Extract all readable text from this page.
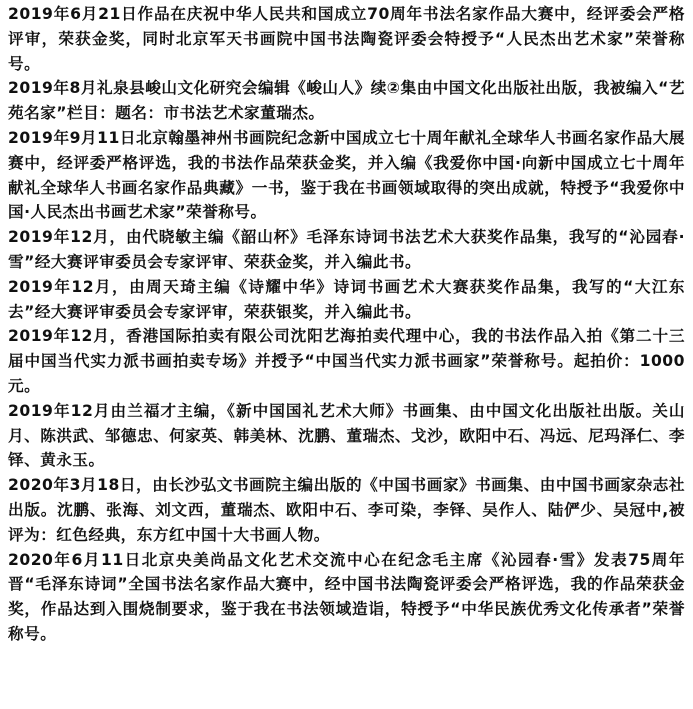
2019年6月21日作品在庆祝中华人民共和国成立70周年书法名家作品大赛中，经评委会严格评审，荣获金奖，同时北京军天书画院中国书法陶瓷评委会特授予“人民杰出艺术家”荣誉称号。

2019年8月礼泉县峻山文化研究会编辑《峻山人》续②集由中国文化出版社出版，我被编入“艺苑名家”栏目：题名：市书法艺术家董瑞杰。

2019年9月11日北京翰墨神州书画院纪念新中国成立七十周年献礼全球华人书画名家作品大展赛中，经评委严格评选，我的书法作品荣获金奖，并入编《我爱你中国·向新中国成立七十周年献礼全球华人书画名家作品典藏》一书，鉴于我在书画领域取得的突出成就，特授予“我爱你中国·人民杰出书画艺术家”荣誉称号。

2019年12月，由代晓敏主编《韶山杯》毛泽东诗词书法艺术大获奖作品集，我写的“沁园春·雪”经大赛评审委员会专家评审、荣获金奖，并入编此书。

2019年12月，由周天琦主编《诗耀中华》诗词书画艺术大赛获奖作品集，我写的“大江东去”经大赛评审委员会专家评审，荣获银奖，并入编此书。

2019年12月，香港国际拍卖有限公司沈阳艺海拍卖代理中心，我的书法作品入拍《第二十三届中国当代实力派书画拍卖专场》并授予“中国当代实力派书画家”荣誉称号。起拍价：1000元。

2019年12月由兰福才主编，《新中国国礼艺术大师》书画集、由中国文化出版社出版。关山月、陈洪武、邹德忠、何家英、韩美林、沈鹏、董瑞杰、戈沙，欧阳中石、冯远、尼玛泽仁、李铎、黄永玉。

2020年3月18日，由长沙弘文书画院主编出版的《中国书画家》书画集、由中国书画家杂志社出版。沈鹏、张海、刘文西，董瑞杰、欧阳中石、李可染，李铎、吴作人、陆俨少、吴冠中,被评为：红色经典，东方红中国十大书画人物。

2020年6月11日北京央美尚品文化艺术交流中心在纪念毛主席《沁园春·雪》发表75周年晋“毛泽东诗词”全国书法名家作品大赛中，经中国书法陶瓷评委会严格评选，我的作品荣获金奖，作品达到入围烧制要求，鉴于我在书法领域造诣，特授予“中华民族优秀文化传承者”荣誉称号。
